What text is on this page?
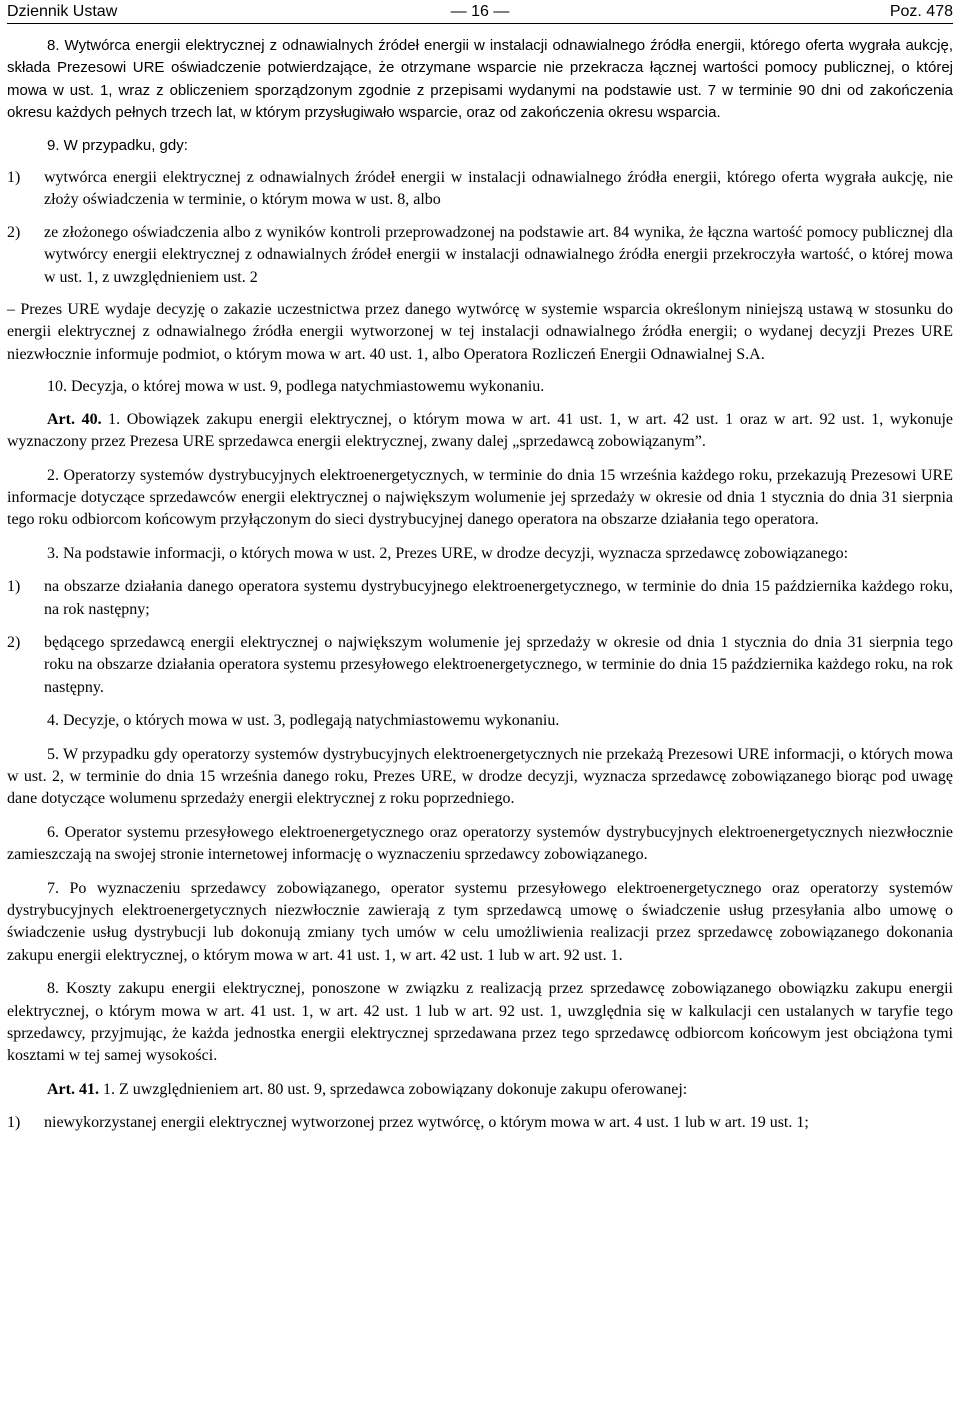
Dziennik Ustaw	— 16 —	Poz. 478

8. Wytwórca energii elektrycznej z odnawialnych źródeł energii w instalacji odnawialnego źródła energii, którego oferta wygrała aukcję, składa Prezesowi URE oświadczenie potwierdzające, że otrzymane wsparcie nie przekracza łącznej wartości pomocy publicznej, o której mowa w ust. 1, wraz z obliczeniem sporządzonym zgodnie z przepisami wydanymi na podstawie ust. 7 w terminie 90 dni od zakończenia okresu każdych pełnych trzech lat, w którym przysługiwało wsparcie, oraz od zakończenia okresu wsparcia.

9. W przypadku, gdy:

1)	wytwórca energii elektrycznej z odnawialnych źródeł energii w instalacji odnawialnego źródła energii, którego oferta wygrała aukcję, nie złoży oświadczenia w terminie, o którym mowa w ust. 8, albo
2)	ze złożonego oświadczenia albo z wyników kontroli przeprowadzonej na podstawie art. 84 wynika, że łączna wartość pomocy publicznej dla wytwórcy energii elektrycznej z odnawialnych źródeł energii w instalacji odnawialnego źródła energii przekroczyła wartość, o której mowa w ust. 1, z uwzględnieniem ust. 2

– Prezes URE wydaje decyzję o zakazie uczestnictwa przez danego wytwórcę w systemie wsparcia określonym niniejszą ustawą w stosunku do energii elektrycznej z odnawialnego źródła energii wytworzonej w tej instalacji odnawialnego źródła energii; o wydanej decyzji Prezes URE niezwłocznie informuje podmiot, o którym mowa w art. 40 ust. 1, albo Operatora Rozliczeń Energii Odnawialnej S.A.

10. Decyzja, o której mowa w ust. 9, podlega natychmiastowemu wykonaniu.

Art. 40. 1. Obowiązek zakupu energii elektrycznej, o którym mowa w art. 41 ust. 1, w art. 42 ust. 1 oraz w art. 92 ust. 1, wykonuje wyznaczony przez Prezesa URE sprzedawca energii elektrycznej, zwany dalej „sprzedawcą zobowiązanym”.

2. Operatorzy systemów dystrybucyjnych elektroenergetycznych, w terminie do dnia 15 września każdego roku, przekazują Prezesowi URE informacje dotyczące sprzedawców energii elektrycznej o największym wolumenie jej sprzedaży w okresie od dnia 1 stycznia do dnia 31 sierpnia tego roku odbiorcom końcowym przyłączonym do sieci dystrybucyjnej danego operatora na obszarze działania tego operatora.

3. Na podstawie informacji, o których mowa w ust. 2, Prezes URE, w drodze decyzji, wyznacza sprzedawcę zobowiązanego:

1)	na obszarze działania danego operatora systemu dystrybucyjnego elektroenergetycznego, w terminie do dnia 15 października każdego roku, na rok następny;
2)	będącego sprzedawcą energii elektrycznej o największym wolumenie jej sprzedaży w okresie od dnia 1 stycznia do dnia 31 sierpnia tego roku na obszarze działania operatora systemu przesyłowego elektroenergetycznego, w terminie do dnia 15 października każdego roku, na rok następny.

4. Decyzje, o których mowa w ust. 3, podlegają natychmiastowemu wykonaniu.

5. W przypadku gdy operatorzy systemów dystrybucyjnych elektroenergetycznych nie przekażą Prezesowi URE informacji, o których mowa w ust. 2, w terminie do dnia 15 września danego roku, Prezes URE, w drodze decyzji, wyznacza sprzedawcę zobowiązanego biorąc pod uwagę dane dotyczące wolumenu sprzedaży energii elektrycznej z roku poprzedniego.

6. Operator systemu przesyłowego elektroenergetycznego oraz operatorzy systemów dystrybucyjnych elektroenergetycznych niezwłocznie zamieszczają na swojej stronie internetowej informację o wyznaczeniu sprzedawcy zobowiązanego.

7. Po wyznaczeniu sprzedawcy zobowiązanego, operator systemu przesyłowego elektroenergetycznego oraz operatorzy systemów dystrybucyjnych elektroenergetycznych niezwłocznie zawierają z tym sprzedawcą umowę o świadczenie usług przesyłania albo umowę o świadczenie usług dystrybucji lub dokonują zmiany tych umów w celu umożliwienia realizacji przez sprzedawcę zobowiązanego dokonania zakupu energii elektrycznej, o którym mowa w art. 41 ust. 1, w art. 42 ust. 1 lub w art. 92 ust. 1.

8. Koszty zakupu energii elektrycznej, ponoszone w związku z realizacją przez sprzedawcę zobowiązanego obowiązku zakupu energii elektrycznej, o którym mowa w art. 41 ust. 1, w art. 42 ust. 1 lub w art. 92 ust. 1, uwzględnia się w kalkulacji cen ustalanych w taryfie tego sprzedawcy, przyjmując, że każda jednostka energii elektrycznej sprzedawana przez tego sprzedawcę odbiorcom końcowym jest obciążona tymi kosztami w tej samej wysokości.

Art. 41. 1. Z uwzględnieniem art. 80 ust. 9, sprzedawca zobowiązany dokonuje zakupu oferowanej:

1)	niewykorzystanej energii elektrycznej wytworzonej przez wytwórcę, o którym mowa w art. 4 ust. 1 lub w art. 19 ust. 1;
